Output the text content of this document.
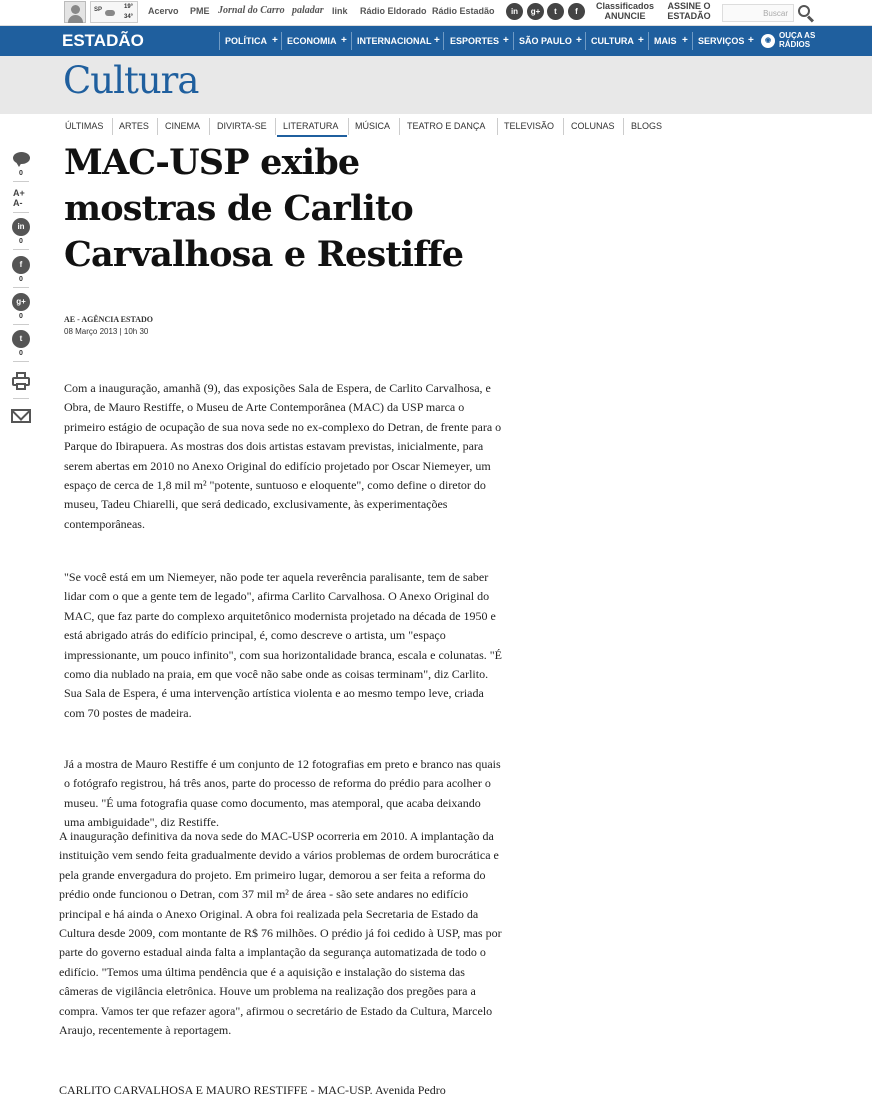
SP	19°
34°
Acervo PME Jornal do Carro paladar link Rádio Eldorado Rádio Estadão	in	g+	t	f
Classificados
ANUNCIE
ASSINE O
ESTADÃO	Buscar
ESTADÃO	POLÍTICA + ECONOMIA + INTERNACIONAL + ESPORTES + SÃO PAULO + CULTURA + MAIS + SERVIÇOS +	◉
OUÇA AS
RÁDIOS
Cultura
ÚLTIMAS ARTES CINEMA DIVIRTA-SE LITERATURA MÚSICA TEATRO E DANÇA TELEVISÃO COLUNAS BLOGS
0
A+
A-
in
0
f
0
g+
0
t
0
MAC-USP exibe
mostras de Carlito
Carvalhosa e Restiffe
AE - AGÊNCIA ESTADO
08 Março 2013 | 10h 30

Com a inauguração, amanhã (9), das exposições Sala de Espera, de Carlito Carvalhosa, e Obra, de Mauro Restiffe, o Museu de Arte Contemporânea (MAC) da USP marca o primeiro estágio de ocupação de sua nova sede no ex-complexo do Detran, de frente para o Parque do Ibirapuera. As mostras dos dois artistas estavam previstas, inicialmente, para serem abertas em 2010 no Anexo Original do edifício projetado por Oscar Niemeyer, um espaço de cerca de 1,8 mil m² "potente, suntuoso e eloquente", como define o diretor do museu, Tadeu Chiarelli, que será dedicado, exclusivamente, às experimentações contemporâneas.

"Se você está em um Niemeyer, não pode ter aquela reverência paralisante, tem de saber lidar com o que a gente tem de legado", afirma Carlito Carvalhosa. O Anexo Original do MAC, que faz parte do complexo arquitetônico modernista projetado na década de 1950 e está abrigado atrás do edifício principal, é, como descreve o artista, um "espaço impressionante, um pouco infinito", com sua horizontalidade branca, escala e colunatas. "É como dia nublado na praia, em que você não sabe onde as coisas terminam", diz Carlito. Sua Sala de Espera, é uma intervenção artística violenta e ao mesmo tempo leve, criada com 70 postes de madeira.

Já a mostra de Mauro Restiffe é um conjunto de 12 fotografias em preto e branco nas quais o fotógrafo registrou, há três anos, parte do processo de reforma do prédio para acolher o museu. "É uma fotografia quase como documento, mas atemporal, que acaba deixando uma ambiguidade", diz Restiffe.

A inauguração definitiva da nova sede do MAC-USP ocorreria em 2010. A implantação da instituição vem sendo feita gradualmente devido a vários problemas de ordem burocrática e pela grande envergadura do projeto. Em primeiro lugar, demorou a ser feita a reforma do prédio onde funcionou o Detran, com 37 mil m² de área - são sete andares no edifício principal e há ainda o Anexo Original. A obra foi realizada pela Secretaria de Estado da Cultura desde 2009, com montante de R$ 76 milhões. O prédio já foi cedido à USP, mas por parte do governo estadual ainda falta a implantação da segurança automatizada de todo o edifício. "Temos uma última pendência que é a aquisição e instalação do sistema das câmeras de vigilância eletrônica. Houve um problema na realização dos pregões para a compra. Vamos ter que refazer agora", afirmou o secretário de Estado da Cultura, Marcelo Araujo, recentemente à reportagem.

CARLITO CARVALHOSA E MAURO RESTIFFE - MAC-USP. Avenida Pedro
